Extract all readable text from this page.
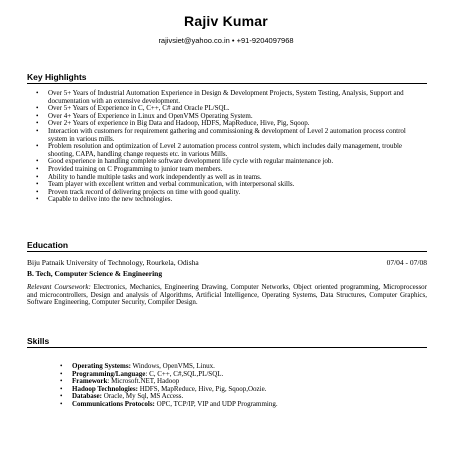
Rajiv Kumar
rajivsiet@yahoo.co.in • +91-9204097968
Key Highlights
• Over 5+ Years of Industrial Automation Experience in Design & Development Projects, System Testing, Analysis, Support and documentation with an extensive development.
• Over 5+ Years of Experience in C, C++, C# and Oracle PL/SQL.
• Over 4+ Years of Experience in Linux and OpenVMS Operating System.
• Over 2+ Years of experience in Big Data and Hadoop, HDFS, MapReduce, Hive, Pig, Sqoop.
• Interaction with customers for requirement gathering and commissioning & development of Level 2 automation process control system in various mills.
• Problem resolution and optimization of Level 2 automation process control system, which includes daily management, trouble shooting, CAPA, handling change requests etc. in various Mills.
• Good experience in handling complete software development life cycle with regular maintenance job.
• Provided training on C Programming to junior team members.
• Ability to handle multiple tasks and work independently as well as in teams.
• Team player with excellent written and verbal communication, with interpersonal skills.
• Proven track record of delivering projects on time with good quality.
• Capable to delive into the new technologies.
Education
Biju Patnaik University of Technology, Rourkela, Odisha	07/04 - 07/08
B. Tech, Computer Science & Engineering
Relevant Coursework: Electronics, Mechanics, Engineering Drawing, Computer Networks, Object oriented programming, Microprocessor and microcontrollers, Design and analysis of Algorithms, Artificial Intelligence, Operating Systems, Data Structures, Computer Graphics, Software Engineering, Computer Security, Compiler Design.
Skills
• Operating Systems: Windows, OpenVMS, Linux.
• Programming/Language: C, C++, C#,SQL,PL/SQL.
• Framework: Microsoft.NET, Hadoop
• Hadoop Technologies: HDFS, MapReduce, Hive, Pig, Sqoop,Oozie.
• Database: Oracle, My Sql, MS Access.
• Communications Protocols: OPC, TCP/IP, VIP and UDP Programming.
